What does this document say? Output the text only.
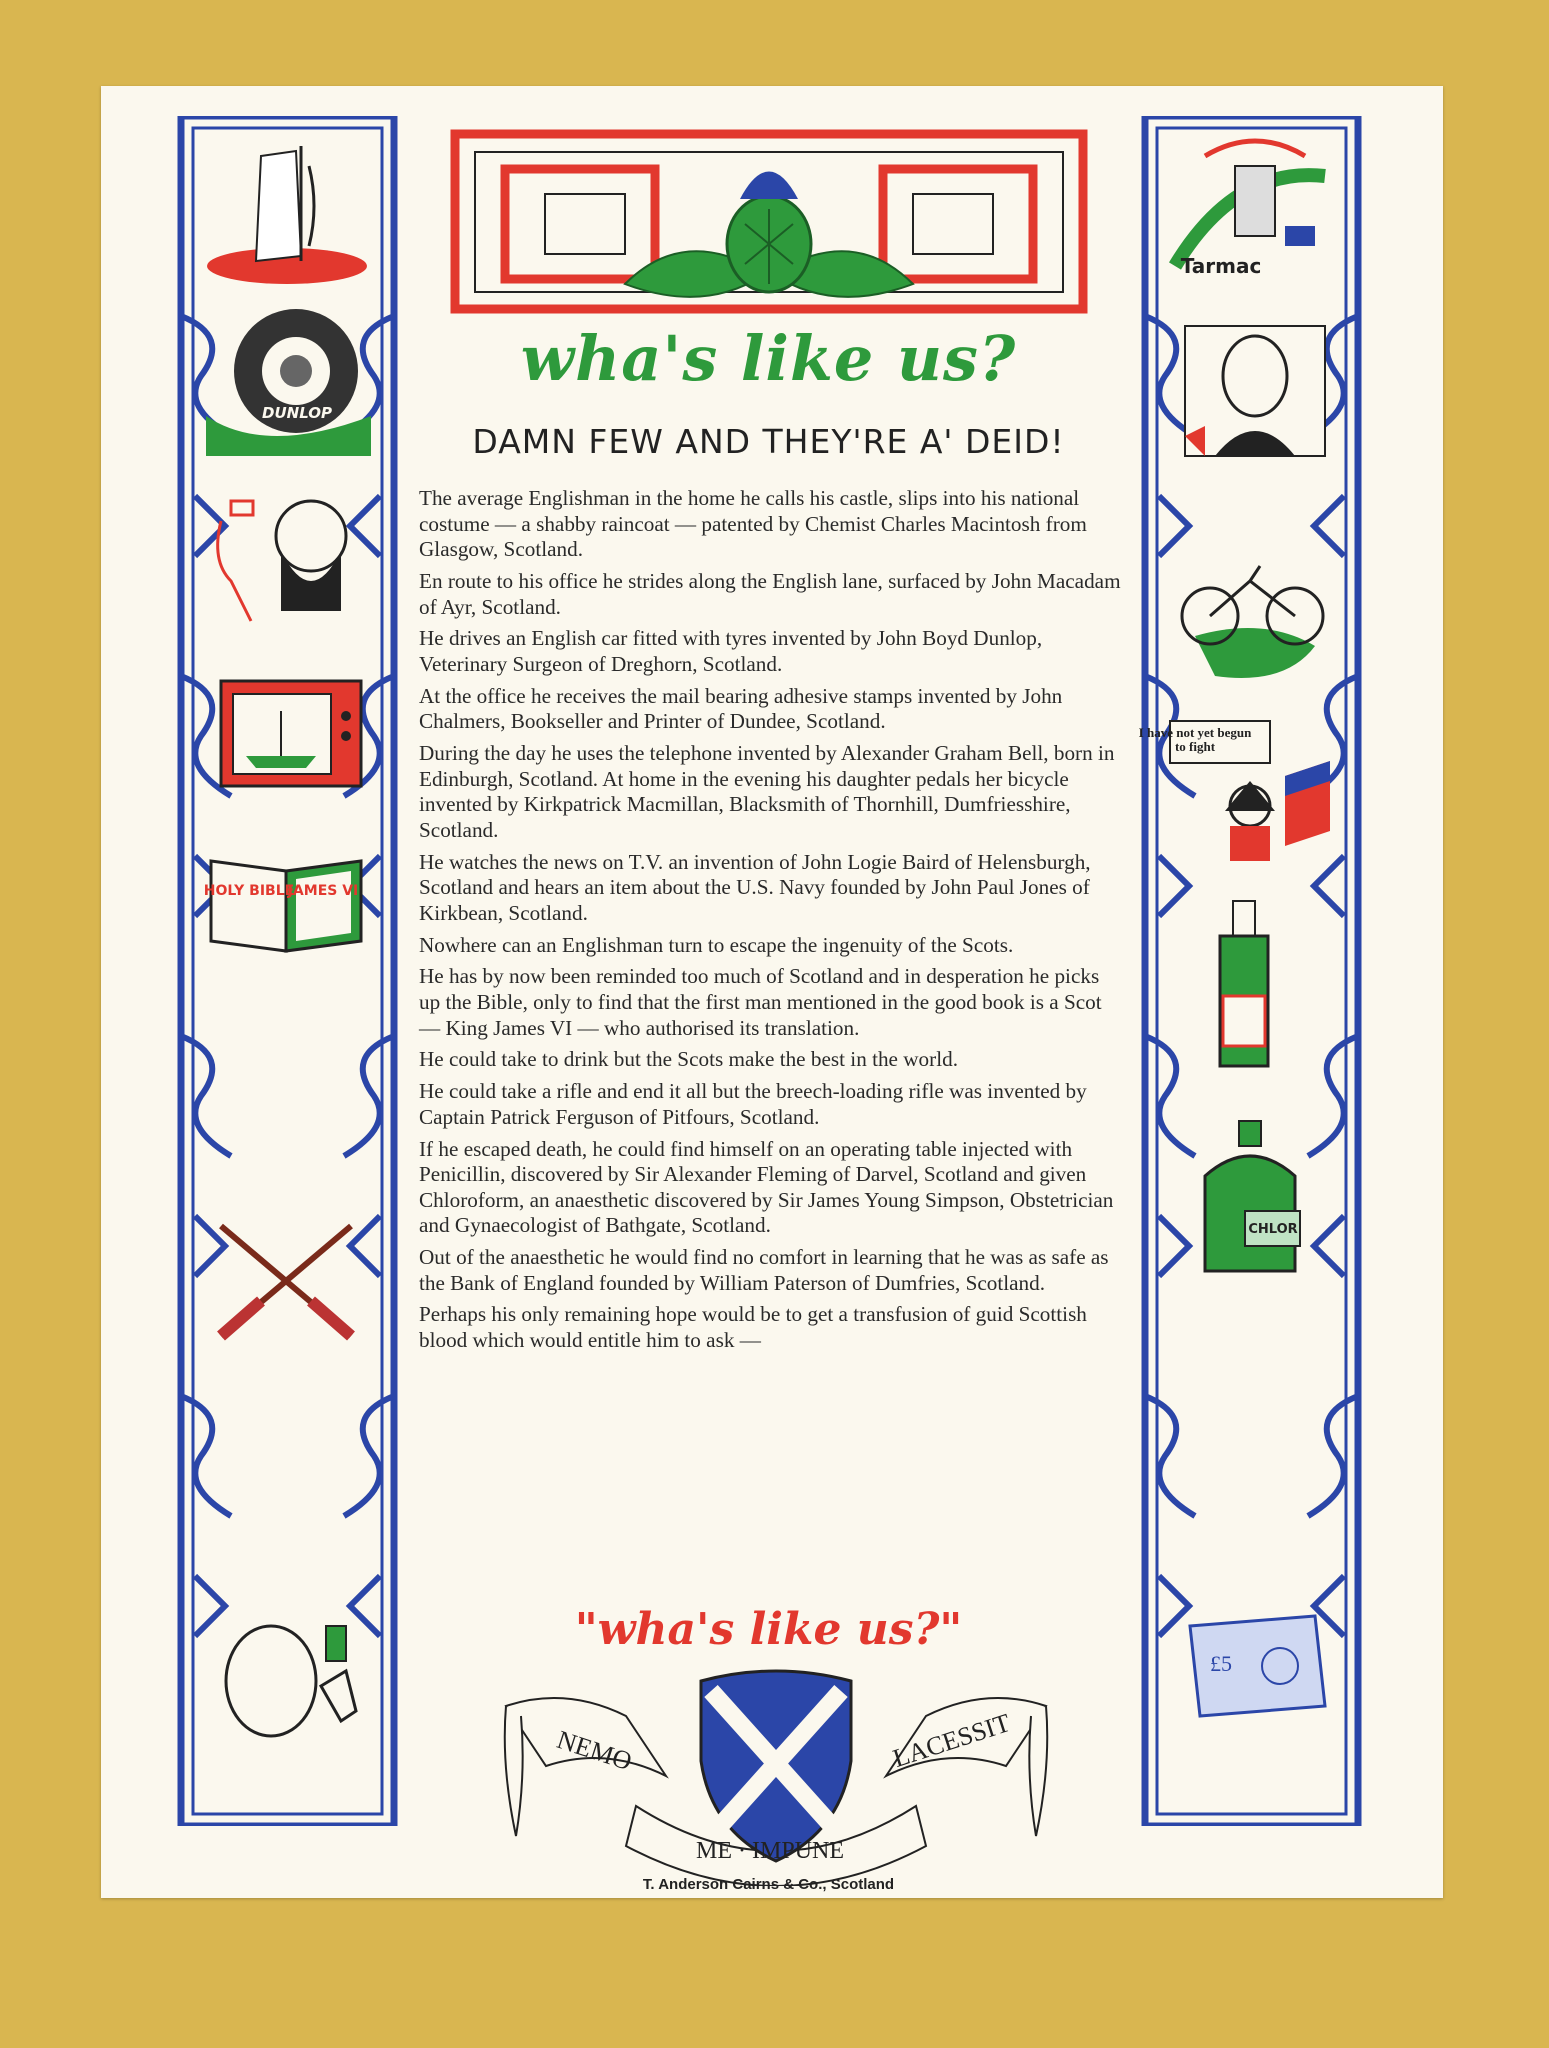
DUNLOP
HOLY BIBLE
JAMES VI
Tarmac
I have not yet begun to fight
CHLOR
£5
wha's like us?
DAMN FEW AND THEY'RE A' DEID!

The average Englishman in the home he calls his castle, slips into his national costume — a shabby raincoat — patented by Chemist Charles Macintosh from Glasgow, Scotland.

En route to his office he strides along the English lane, surfaced by John Macadam of Ayr, Scotland.

He drives an English car fitted with tyres invented by John Boyd Dunlop, Veterinary Surgeon of Dreghorn, Scotland.

At the office he receives the mail bearing adhesive stamps invented by John Chalmers, Bookseller and Printer of Dundee, Scotland.

During the day he uses the telephone invented by Alexander Graham Bell, born in Edinburgh, Scotland. At home in the evening his daughter pedals her bicycle invented by Kirkpatrick Macmillan, Blacksmith of Thornhill, Dumfriesshire, Scotland.

He watches the news on T.V. an invention of John Logie Baird of Helensburgh, Scotland and hears an item about the U.S. Navy founded by John Paul Jones of Kirkbean, Scotland.

Nowhere can an Englishman turn to escape the ingenuity of the Scots.

He has by now been reminded too much of Scotland and in desperation he picks up the Bible, only to find that the first man mentioned in the good book is a Scot — King James VI — who authorised its translation.

He could take to drink but the Scots make the best in the world.

He could take a rifle and end it all but the breech-loading rifle was invented by Captain Patrick Ferguson of Pitfours, Scotland.

If he escaped death, he could find himself on an operating table injected with Penicillin, discovered by Sir Alexander Fleming of Darvel, Scotland and given Chloroform, an anaesthetic discovered by Sir James Young Simpson, Obstetrician and Gynaecologist of Bathgate, Scotland.

Out of the anaesthetic he would find no comfort in learning that he was as safe as the Bank of England founded by William Paterson of Dumfries, Scotland.

Perhaps his only remaining hope would be to get a transfusion of guid Scottish blood which would entitle him to ask —

"wha's like us?"
NEMO	LACESSIT
ME · IMPUNE
T. Anderson Cairns & Co., Scotland
